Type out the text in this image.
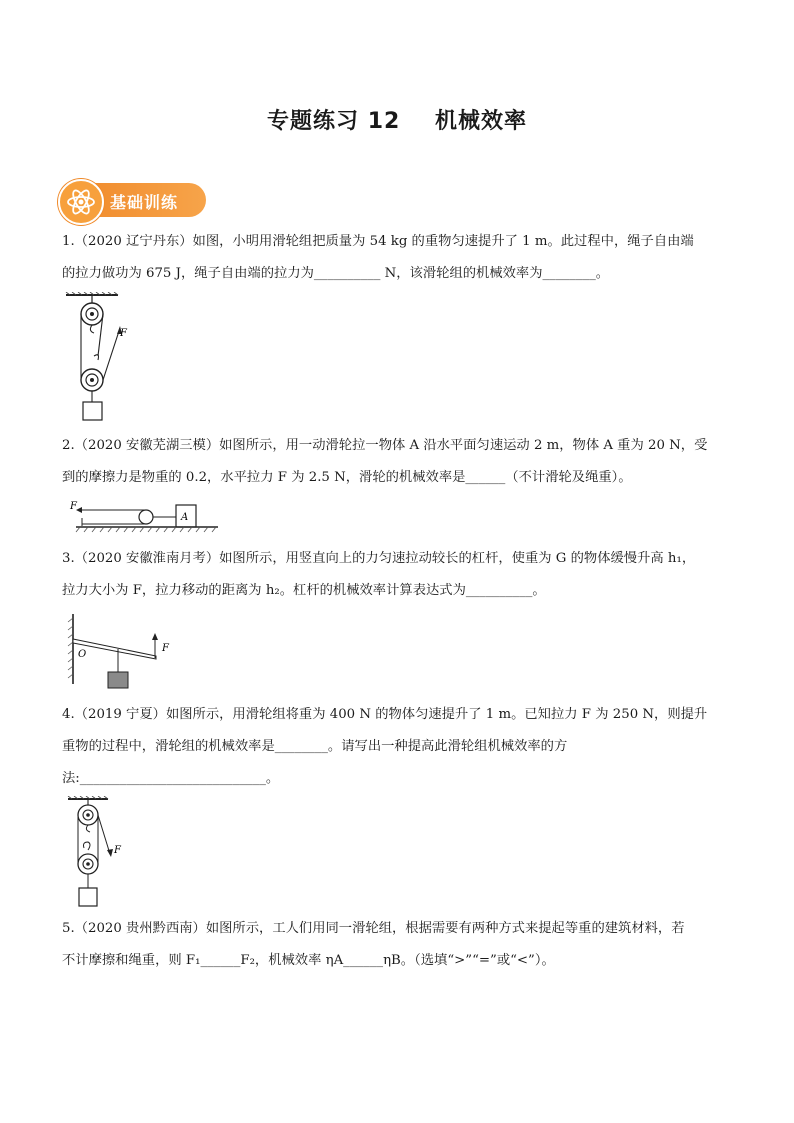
专题练习 12    机械效率
基础训练

1.（2020 辽宁丹东）如图，小明用滑轮组把质量为 54 kg 的重物匀速提升了 1 m。此过程中，绳子自由端

的拉力做功为 675 J，绳子自由端的拉力为__________ N，该滑轮组的机械效率为________。

F

2.（2020 安徽芜湖三模）如图所示，用一动滑轮拉一物体 A 沿水平面匀速运动 2 m，物体 A 重为 20 N，受

到的摩擦力是物重的 0.2，水平拉力 F 为 2.5 N，滑轮的机械效率是______（不计滑轮及绳重）。

F
A

3.（2020 安徽淮南月考）如图所示，用竖直向上的力匀速拉动较长的杠杆，使重为 G 的物体缓慢升高 h₁，

拉力大小为 F，拉力移动的距离为 h₂。杠杆的机械效率计算表达式为__________。

O
F

4.（2019 宁夏）如图所示，用滑轮组将重为 400 N 的物体匀速提升了 1 m。已知拉力 F 为 250 N，则提升

重物的过程中，滑轮组的机械效率是________。请写出一种提高此滑轮组机械效率的方

法:____________________________。

F

5.（2020 贵州黔西南）如图所示，工人们用同一滑轮组，根据需要有两种方式来提起等重的建筑材料，若

不计摩擦和绳重，则 F₁______F₂，机械效率 ηA______ηB。（选填“>”“=”或“<”）。
